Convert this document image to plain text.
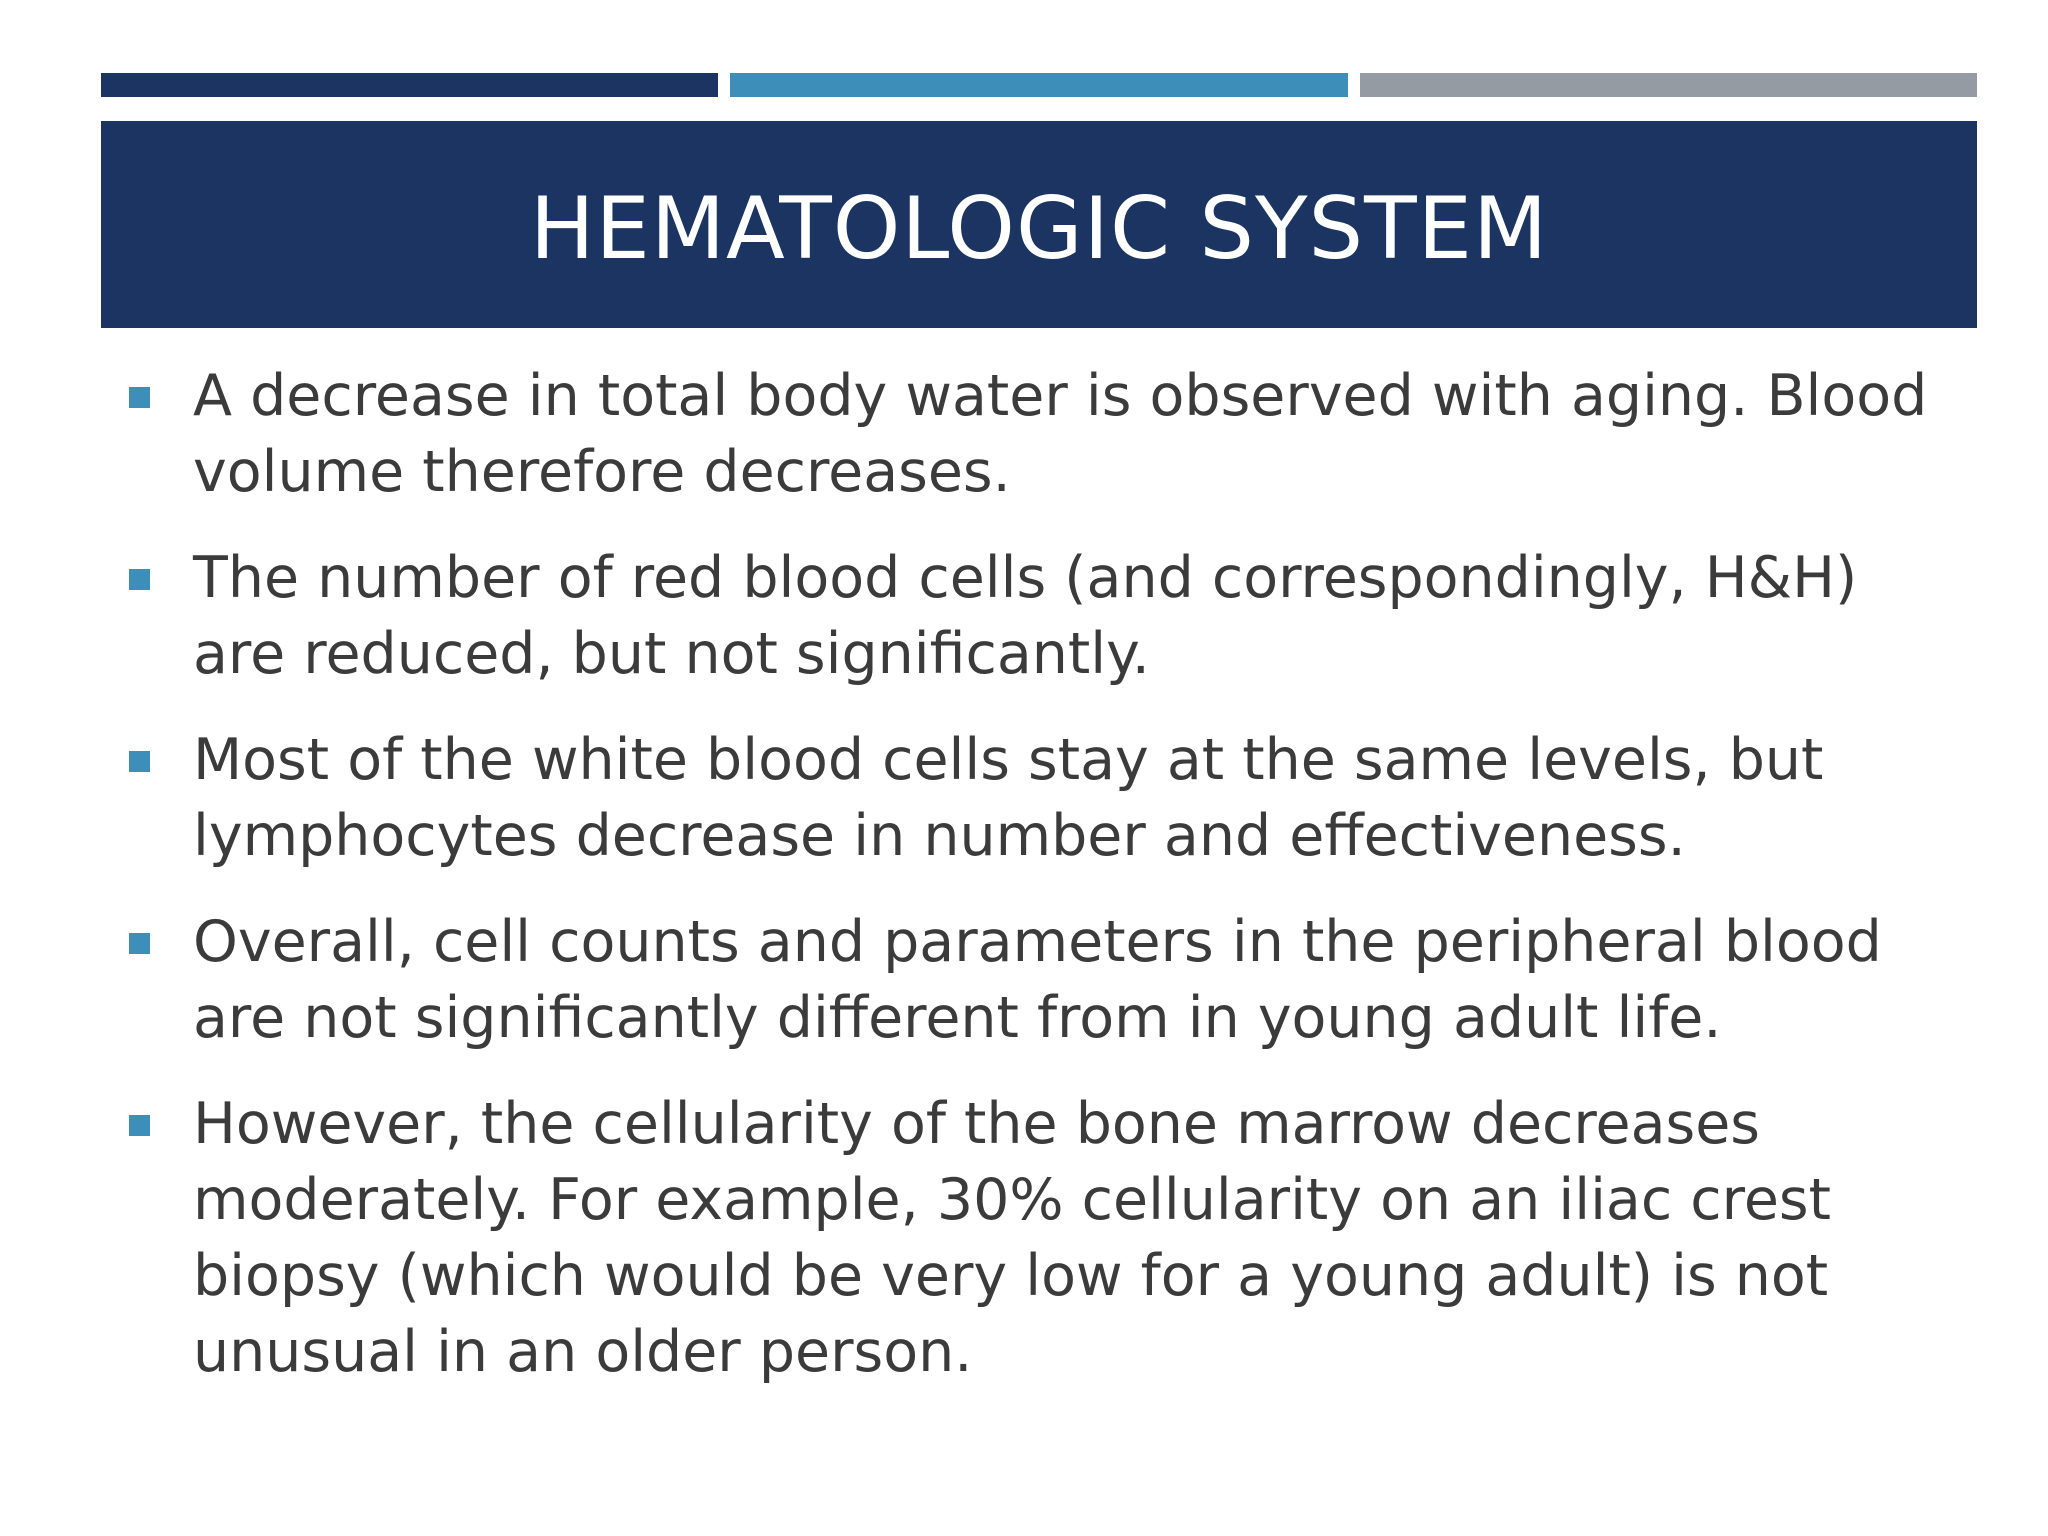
HEMATOLOGIC SYSTEM
A decrease in total body water is observed with aging. Blood volume therefore decreases.
The number of red blood cells (and correspondingly, H&H) are reduced, but not significantly.
Most of the white blood cells stay at the same levels, but lymphocytes decrease in number and effectiveness.
Overall, cell counts and parameters in the peripheral blood are not significantly different from in young adult life.
However, the cellularity of the bone marrow decreases moderately. For example, 30% cellularity on an iliac crest biopsy (which would be very low for a young adult) is not unusual in an older person.
